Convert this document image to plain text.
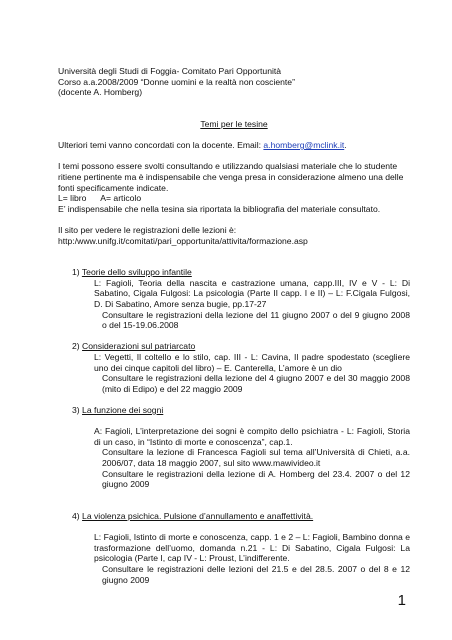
Università degli Studi di Foggia- Comitato Pari Opportunità

Corso a.a.2008/2009 “Donne uomini e la realtà non cosciente”

(docente A. Homberg)

Temi per le tesine

Ulteriori temi vanno concordati con la docente. Email: a.homberg@mclink.it.

I temi possono essere svolti consultando e utilizzando qualsiasi materiale che lo studente ritiene pertinente ma è indispensabile che venga presa in considerazione almeno una delle fonti specificamente indicate.

L= libro      A= articolo

E’ indispensabile che nella tesina sia riportata la bibliografia del materiale consultato.

Il sito per vedere le registrazioni delle lezioni è:

http:/www.unifg.it/comitati/pari_opportunita/attivita/formazione.asp

1) Teorie dello sviluppo infantile

L: Fagioli, Teoria della nascita e castrazione umana, capp.III, IV e V - L: Di Sabatino, Cigala Fulgosi: La psicologia (Parte II capp. I e II) – L: F.Cigala Fulgosi, D. Di Sabatino, Amore senza bugie, pp.17-27

Consultare le registrazioni della lezione del 11 giugno 2007 o del 9 giugno 2008 o del 15-19.06.2008

2) Considerazioni sul patriarcato

L: Vegetti, Il coltello e lo stilo, cap. III - L: Cavina, Il padre spodestato (scegliere uno dei cinque capitoli del libro) – E. Canterella, L’amore è un dio

Consultare le registrazioni della lezione del 4 giugno 2007 e del 30 maggio 2008 (mito di Edipo) e del 22 maggio 2009

3) La funzione dei sogni

A: Fagioli, L’interpretazione dei sogni è compito dello psichiatra - L: Fagioli, Storia di un caso, in “Istinto di morte e conoscenza”, cap.1.

Consultare la lezione di Francesca Fagioli sul tema all’Università di Chieti, a.a. 2006/07, data 18 maggio 2007, sul sito www.mawivideo.it
Consultare le registrazioni della lezione di A. Homberg del 23.4. 2007 o del 12 giugno 2009

4) La violenza psichica. Pulsione d’annullamento e anaffettività.

L: Fagioli, Istinto di morte e conoscenza, capp. 1 e 2 – L: Fagioli, Bambino donna e trasformazione dell’uomo, domanda n.21 - L: Di Sabatino, Cigala Fulgosi: La psicologia (Parte I, cap IV - L: Proust, L’indifferente.

Consultare le registrazioni delle lezioni del 21.5 e del 28.5. 2007 o del 8 e 12 giugno 2009

1
